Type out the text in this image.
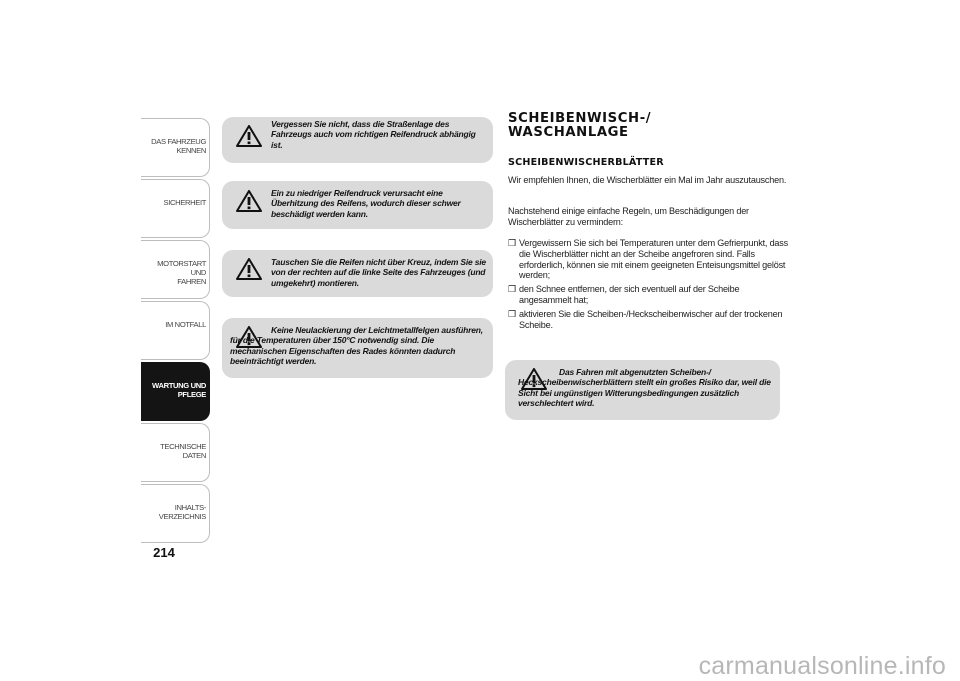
DAS FAHRZEUG
KENNEN
SICHERHEIT
MOTORSTART UND
FAHREN
IM NOTFALL
WARTUNG UND
PFLEGE
TECHNISCHE DATEN
INHALTS-
VERZEICHNIS
214
Vergessen Sie nicht, dass die Straßenlage des Fahrzeugs auch vom richtigen Reifendruck abhängig ist.
Ein zu niedriger Reifendruck verursacht eine Überhitzung des Reifens, wodurch dieser schwer beschädigt werden kann.
Tauschen Sie die Reifen nicht über Kreuz, indem Sie sie von der rechten auf die linke Seite des Fahrzeuges (und umgekehrt) montieren.
Keine Neulackierung der Leichtmetallfelgen ausführen, für die Temperaturen über 150°C notwendig sind. Die mechanischen Eigenschaften des Rades könnten dadurch beeinträchtigt werden.
SCHEIBENWISCH-/ WASCHANLAGE
SCHEIBENWISCHERBLÄTTER
Wir empfehlen Ihnen, die Wischerblätter ein Mal im Jahr auszutauschen.
Nachstehend einige einfache Regeln, um Beschädigungen der Wischerblätter zu vermindern:
❒ Vergewissern Sie sich bei Temperaturen unter dem Gefrierpunkt, dass die Wischerblätter nicht an der Scheibe angefroren sind. Falls erforderlich, können sie mit einem geeigneten Enteisungsmittel gelöst werden;
❒ den Schnee entfernen, der sich eventuell auf der Scheibe angesammelt hat;
❒ aktivieren Sie die Scheiben-/Heckscheibenwischer auf der trockenen Scheibe.
Das Fahren mit abgenutzten Scheiben-/ Heckscheibenwischerblättern stellt ein großes Risiko dar, weil die Sicht bei ungünstigen Witterungsbedingungen zusätzlich verschlechtert wird.
carmanualsonline.info
